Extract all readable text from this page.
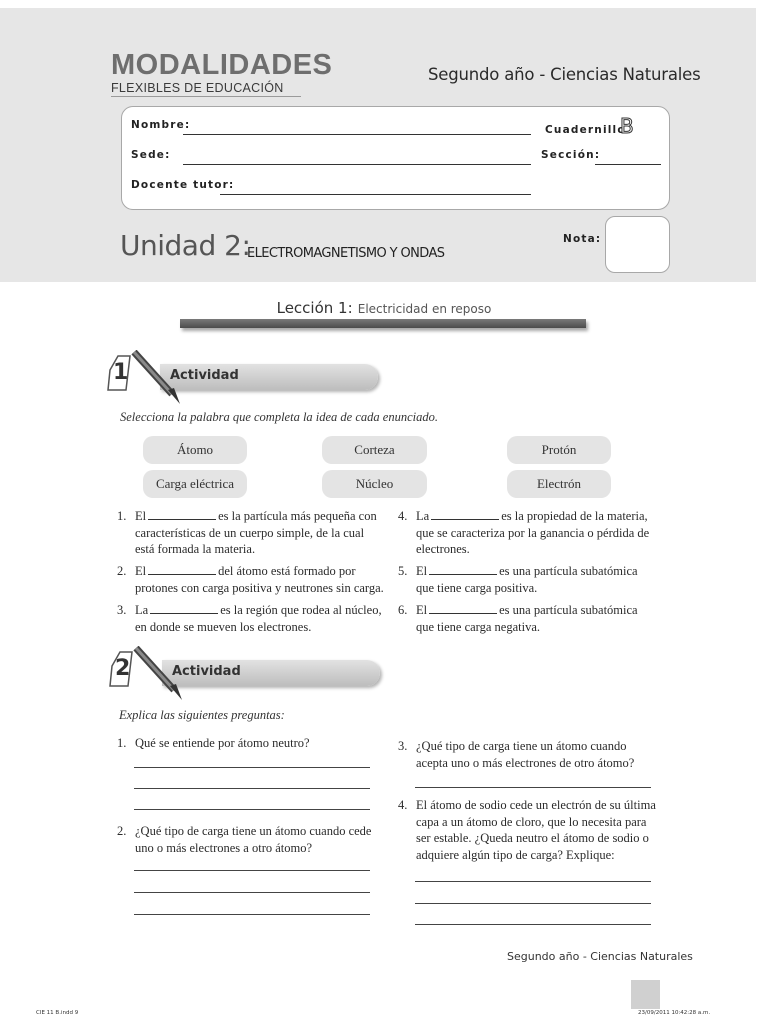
MODALIDADES
FLEXIBLES DE EDUCACIÓN
Segundo año - Ciencias Naturales
Nombre:
Sede:
Docente tutor:
Cuadernillo
B
Sección:
Unidad 2:
ELECTROMAGNETISMO Y ONDAS
Nota:
Lección 1: Electricidad en reposo
Actividad
1
Selecciona la palabra que completa la idea de cada enunciado.
Átomo	Corteza	Protón
Carga eléctrica	Núcleo	Electrón
1. El	es la partícula más pequeña con características de un cuerpo simple, de la cual está formada la materia.
2. El	del átomo está formado por protones con carga positiva y neutrones sin carga.
3. La	es la región que rodea al núcleo, en donde se mueven los electrones.
4. La	es la propiedad de la materia, que se caracteriza por la ganancia o pérdida de electrones.
5. El	es una partícula subatómica que tiene carga positiva.
6. El	es una partícula subatómica que tiene carga negativa.
Actividad
2
Explica las siguientes preguntas:
1. Qué se entiende por átomo neutro?
2. ¿Qué tipo de carga tiene un átomo cuando cede uno o más electrones a otro átomo?
3. ¿Qué tipo de carga tiene un átomo cuando acepta uno o más electrones de otro átomo?
4. El átomo de sodio cede un electrón de su última capa a un átomo de cloro, que lo necesita para ser estable. ¿Queda neutro el átomo de sodio o adquiere algún tipo de carga? Explique:
Segundo año - Ciencias Naturales
CIE 11 B.indd 9	23/09/2011 10:42:28 a.m.
